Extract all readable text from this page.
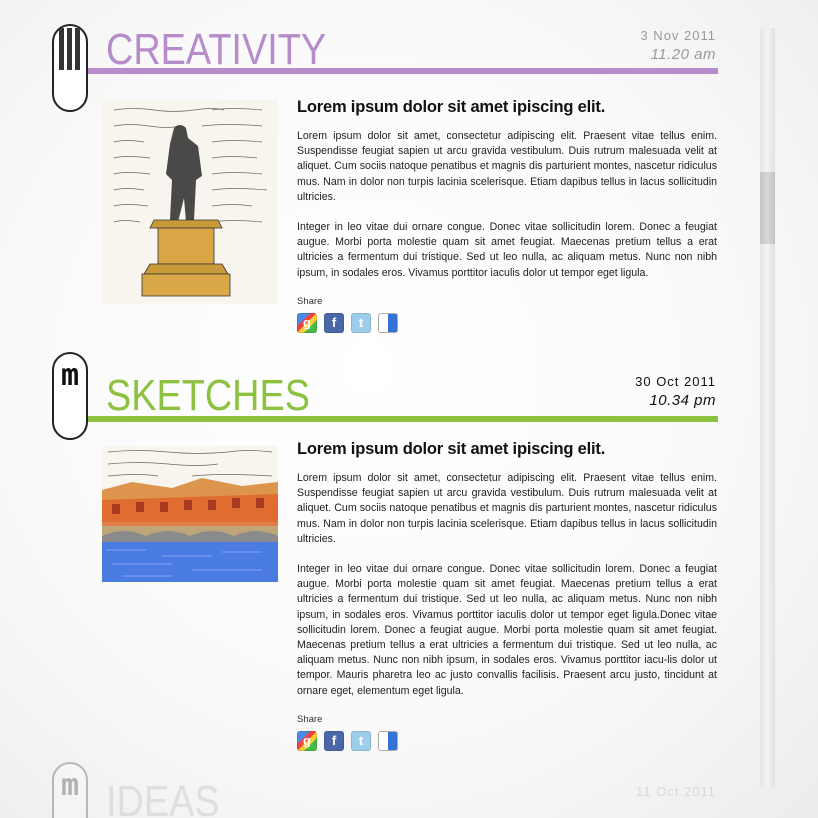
CREATIVITY	3 Nov 2011
11.20 am
Lorem ipsum dolor sit amet ipiscing elit.

Lorem ipsum dolor sit amet, consectetur adipiscing elit. Praesent vitae tellus enim. Suspendisse feugiat sapien ut arcu gravida vestibulum. Duis rutrum malesuada velit at aliquet. Cum sociis natoque penatibus et magnis dis parturient montes, nascetur ridiculus mus. Nam in dolor non turpis lacinia scelerisque. Etiam dapibus tellus in lacus sollicitudin ultricies.

Integer in leo vitae dui ornare congue. Donec vitae sollicitudin lorem. Donec a feugiat augue. Morbi porta molestie quam sit amet feugiat. Maecenas pretium tellus a erat ultricies a fermentum dui tristique. Sed ut leo nulla, ac aliquam metus. Nunc non nibh ipsum, in sodales eros. Vivamus porttitor iaculis dolor ut tempor eget ligula.

Share
g f t
m SKETCHES	30 Oct 2011
10.34 pm
Lorem ipsum dolor sit amet ipiscing elit.

Lorem ipsum dolor sit amet, consectetur adipiscing elit. Praesent vitae tellus enim. Suspendisse feugiat sapien ut arcu gravida vestibulum. Duis rutrum malesuada velit at aliquet. Cum sociis natoque penatibus et magnis dis parturient montes, nascetur ridiculus mus. Nam in dolor non turpis lacinia scelerisque. Etiam dapibus tellus in lacus sollicitudin ultricies.

Integer in leo vitae dui ornare congue. Donec vitae sollicitudin lorem. Donec a feugiat augue. Morbi porta molestie quam sit amet feugiat. Maecenas pretium tellus a erat ultricies a fermentum dui tristique. Sed ut leo nulla, ac aliquam metus. Nunc non nibh ipsum, in sodales eros. Vivamus porttitor iaculis dolor ut tempor eget ligula.Donec vitae sollicitudin lorem. Donec a feugiat augue. Morbi porta molestie quam sit amet feugiat. Maecenas pretium tellus a erat ultricies a fermentum dui tristique. Sed ut leo nulla, ac aliquam metus. Nunc non nibh ipsum, in sodales eros. Vivamus porttitor iacu-lis dolor ut tempor. Mauris pharetra leo ac justo convallis facilisis. Praesent arcu justo, tincidunt at ornare eget, elementum eget ligula.

Share
g f t
m IDEAS	11 Oct 2011
